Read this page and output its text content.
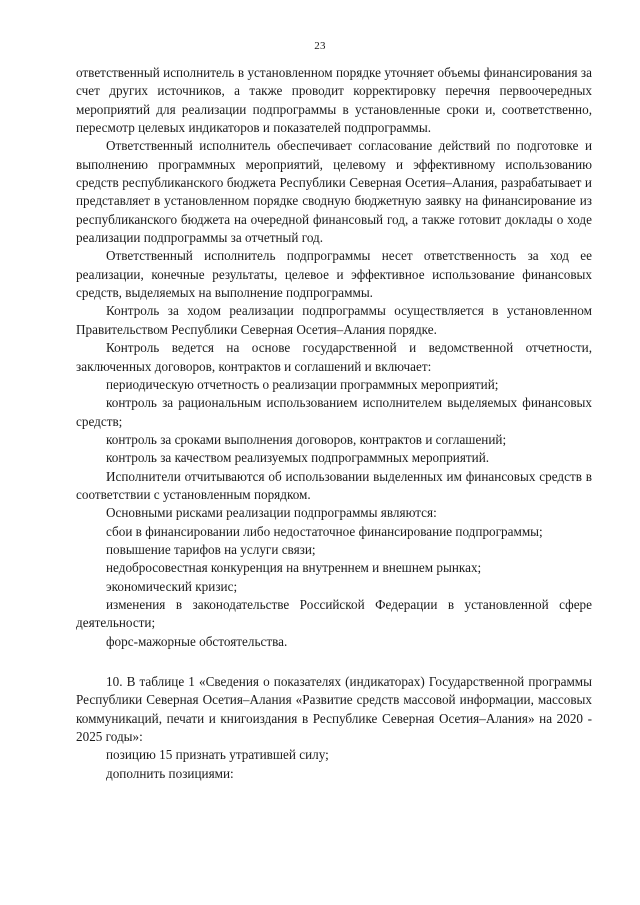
23

ответственный исполнитель в установленном порядке уточняет объемы финансирования за счет других источников, а также проводит корректировку перечня первоочередных мероприятий для реализации подпрограммы в установленные сроки и, соответственно, пересмотр целевых индикаторов и показателей подпрограммы.

Ответственный исполнитель обеспечивает согласование действий по подготовке и выполнению программных мероприятий, целевому и эффективному использованию средств республиканского бюджета Республики Северная Осетия–Алания, разрабатывает и представляет в установленном порядке сводную бюджетную заявку на финансирование из республиканского бюджета на очередной финансовый год, а также готовит доклады о ходе реализации подпрограммы за отчетный год.

Ответственный исполнитель подпрограммы несет ответственность за ход ее реализации, конечные результаты, целевое и эффективное использование финансовых средств, выделяемых на выполнение подпрограммы.

Контроль за ходом реализации подпрограммы осуществляется в установленном Правительством Республики Северная Осетия–Алания порядке.

Контроль ведется на основе государственной и ведомственной отчетности, заключенных договоров, контрактов и соглашений и включает:

периодическую отчетность о реализации программных мероприятий;

контроль за рациональным использованием исполнителем выделяемых финансовых средств;

контроль за сроками выполнения договоров, контрактов и соглашений;

контроль за качеством реализуемых подпрограммных мероприятий.

Исполнители отчитываются об использовании выделенных им финансовых средств в соответствии с установленным порядком.

Основными рисками реализации подпрограммы являются:

сбои в финансировании либо недостаточное финансирование подпрограммы;

повышение тарифов на услуги связи;

недобросовестная конкуренция на внутреннем и внешнем рынках;

экономический кризис;

изменения в законодательстве Российской Федерации в установленной сфере деятельности;

форс-мажорные обстоятельства.

10. В таблице 1 «Сведения о показателях (индикаторах) Государственной программы Республики Северная Осетия–Алания «Развитие средств массовой информации, массовых коммуникаций, печати и книгоиздания в Республике Северная Осетия–Алания» на 2020 - 2025 годы»:

позицию 15 признать утратившей силу;

дополнить позициями:
